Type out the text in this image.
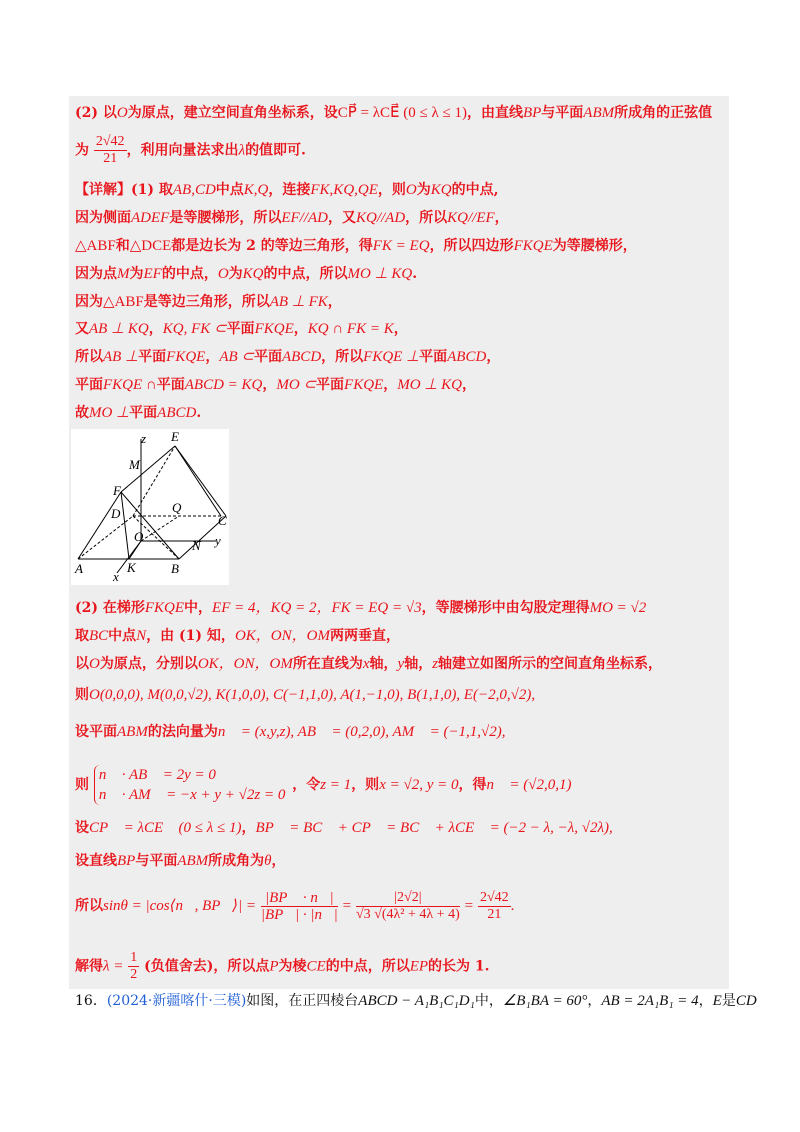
(2) 以O为原点，建立空间直角坐标系，设CP⃗ = λCE⃗ (0 ≤ λ ≤ 1)，由直线BP与平面ABM所成角的正弦值
为 $\frac{2√42}{21}$ ，利用向量法求出λ的值即可.
【详解】(1) 取AB,CD中点K,Q，连接FK,KQ,QE，则O为KQ的中点,
因为侧面ADEF是等腰梯形，所以EF//AD，又KQ//AD，所以KQ//EF，
△ABF和△DCE都是边长为 2 的等边三角形，得FK = EQ，所以四边形FKQE为等腰梯形，
因为点M为EF的中点，O为KQ的中点，所以MO ⊥ KQ.
因为△ABF是等边三角形，所以AB ⊥ FK，
又AB ⊥ KQ，KQ, FK ⊂平面FKQE，KQ ∩ FK = K，
所以AB ⊥平面FKQE，AB ⊂平面ABCD，所以FKQE ⊥平面ABCD，
平面FKQE ∩平面ABCD = KQ，MO ⊂平面FKQE，MO ⊥ KQ，
故MO ⊥平面ABCD.
z E
M
F
D	Q
C
O
N y
A	K	B
x
(2) 在梯形FKQE中，EF = 4，KQ = 2，FK = EQ = √3，等腰梯形中由勾股定理得MO = √2
取BC中点N，由 (1) 知，OK，ON，OM两两垂直，
以O为原点，分别以OK，ON，OM所在直线为x轴，y轴，z轴建立如图所示的空间直角坐标系，
则O(0,0,0), M(0,0,√2), K(1,0,0), C(−1,1,0), A(1,−1,0), B(1,1,0), E(−2,0,√2),
设平面ABM的法向量为n⃗ = (x,y,z), AB⃗ = (0,2,0), AM⃗ = (−1,1,√2),
则
n⃗ · AB⃗ = 2y = 0
n⃗ · AM⃗ = −x + y + √2z = 0
，令z = 1，则x = √2, y = 0，得n⃗ = (√2,0,1)
设CP⃗ = λCE⃗ (0 ≤ λ ≤ 1)，BP⃗ = BC⃗ + CP⃗ = BC⃗ + λCE⃗ = (−2 − λ, −λ, √2λ),
设直线BP与平面ABM所成角为θ，
所以sinθ = |cos⟨n⃗, BP⃗⟩| = $\frac{|BP⃗ \cdot n⃗|}{|BP⃗| \cdot |n⃗|} = \frac{|2√2|}{\text{√3 √(4λ² + 4λ + 4)}} = \frac{2√42}{21}$ .
解得$\lambda = \frac{1}{2}$ (负值舍去)，所以点P为棱CE的中点，所以EP的长为 1.
16．(2024·新疆喀什·三模)如图，在正四棱台ABCD − A₁B₁C₁D₁中，∠B₁BA = 60°，AB = 2A₁B₁ = 4，E是CD
